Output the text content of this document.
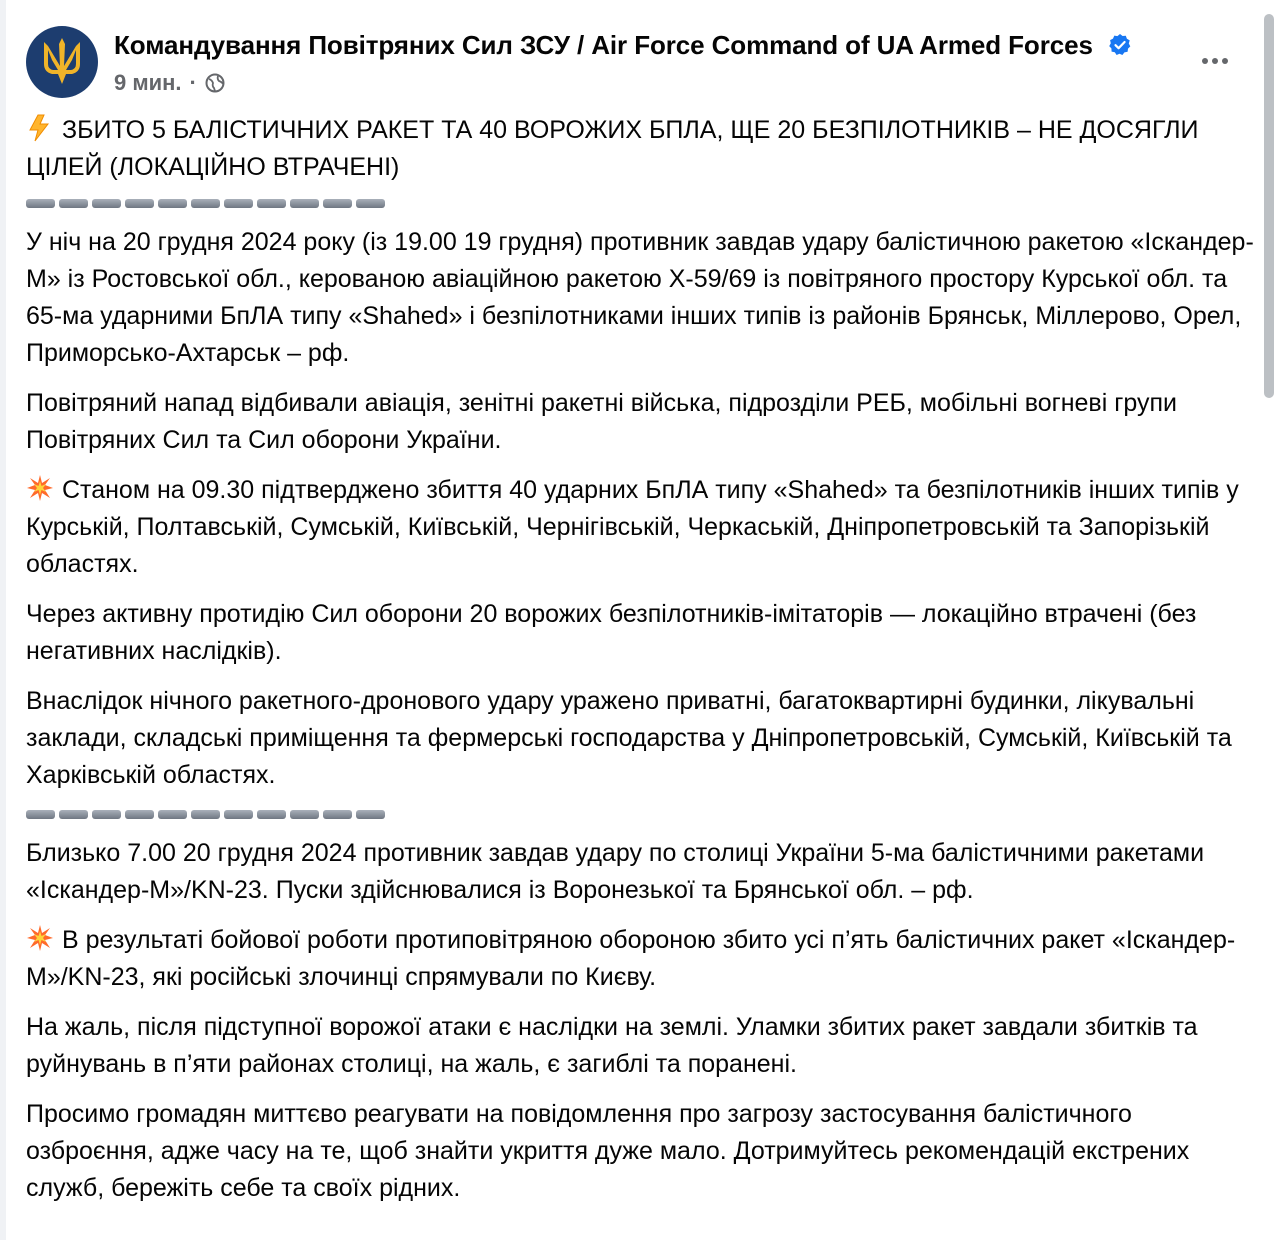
Командування Повітряних Сил ЗСУ / Air Force Command of UA Armed Forces
9 мин. ·

ЗБИТО 5 БАЛІСТИЧНИХ РАКЕТ ТА 40 ВОРОЖИХ БПЛА, ЩЕ 20 БЕЗПІЛОТНИКІВ – НЕ ДОСЯГЛИ ЦІЛЕЙ (ЛОКАЦІЙНО ВТРАЧЕНІ)

У ніч на 20 грудня 2024 року (із 19.00 19 грудня) противник завдав удару балістичною ракетою «Іскандер-М» із Ростовської обл., керованою авіаційною ракетою Х-59/69 із повітряного простору Курської обл. та 65-ма ударними БпЛА типу «Shahed» і безпілотниками інших типів із районів Брянськ, Міллерово, Орел, Приморсько-Ахтарськ – рф.

Повітряний напад відбивали авіація, зенітні ракетні війська, підрозділи РЕБ, мобільні вогневі групи Повітряних Сил та Сил оборони України.

Станом на 09.30 підтверджено збиття 40 ударних БпЛА типу «Shahed» та безпілотників інших типів у Курській, Полтавській, Сумській, Київській, Чернігівській, Черкаській, Дніпропетровській та Запорізькій областях.

Через активну протидію Сил оборони 20 ворожих безпілотників-імітаторів — локаційно втрачені (без негативних наслідків).

Внаслідок нічного ракетного-дронового удару уражено приватні, багатоквартирні будинки, лікувальні заклади, складські приміщення та фермерські господарства у Дніпропетровській, Сумській, Київській та Харківській областях.

Близько 7.00 20 грудня 2024 противник завдав удару по столиці України 5-ма балістичними ракетами «Іскандер-М»/KN-23. Пуски здійснювалися із Воронезької та Брянської обл. – рф.

В результаті бойової роботи протиповітряною обороною збито усі п’ять балістичних ракет «Іскандер-М»/KN-23, які російські злочинці спрямували по Києву.

На жаль, після підступної ворожої атаки є наслідки на землі. Уламки збитих ракет завдали збитків та руйнувань в п’яти районах столиці, на жаль, є загиблі та поранені.

Просимо громадян миттєво реагувати на повідомлення про загрозу застосування балістичного озброєння, адже часу на те, щоб знайти укриття дуже мало. Дотримуйтесь рекомендацій екстрених служб, бережіть себе та своїх рідних.
